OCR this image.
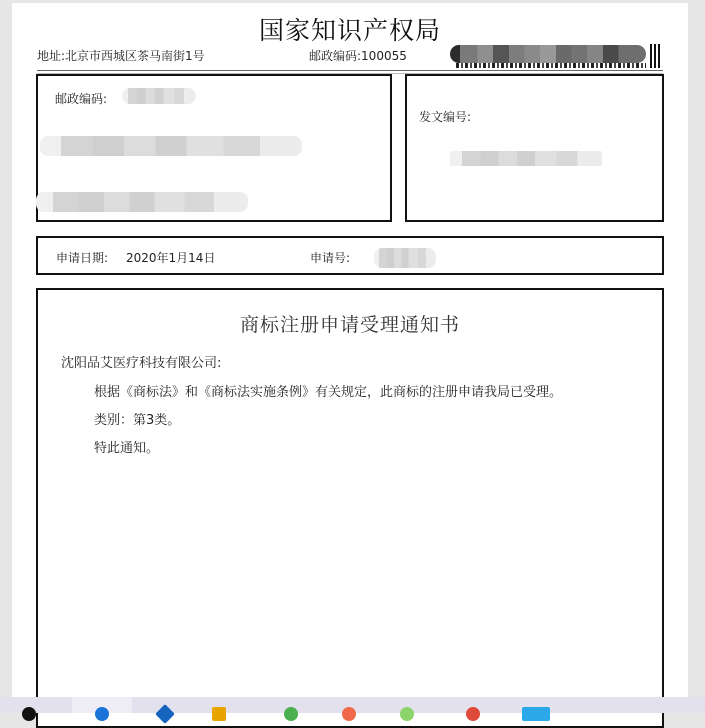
国家知识产权局
地址:北京市西城区茶马南街1号	邮政编码:100055
邮政编码:
发文编号:
申请日期: 2020年1月14日	申请号:
商标注册申请受理通知书
沈阳品艾医疗科技有限公司:
根据《商标法》和《商标法实施条例》有关规定，此商标的注册申请我局已受理。
类别：第3类。
特此通知。
